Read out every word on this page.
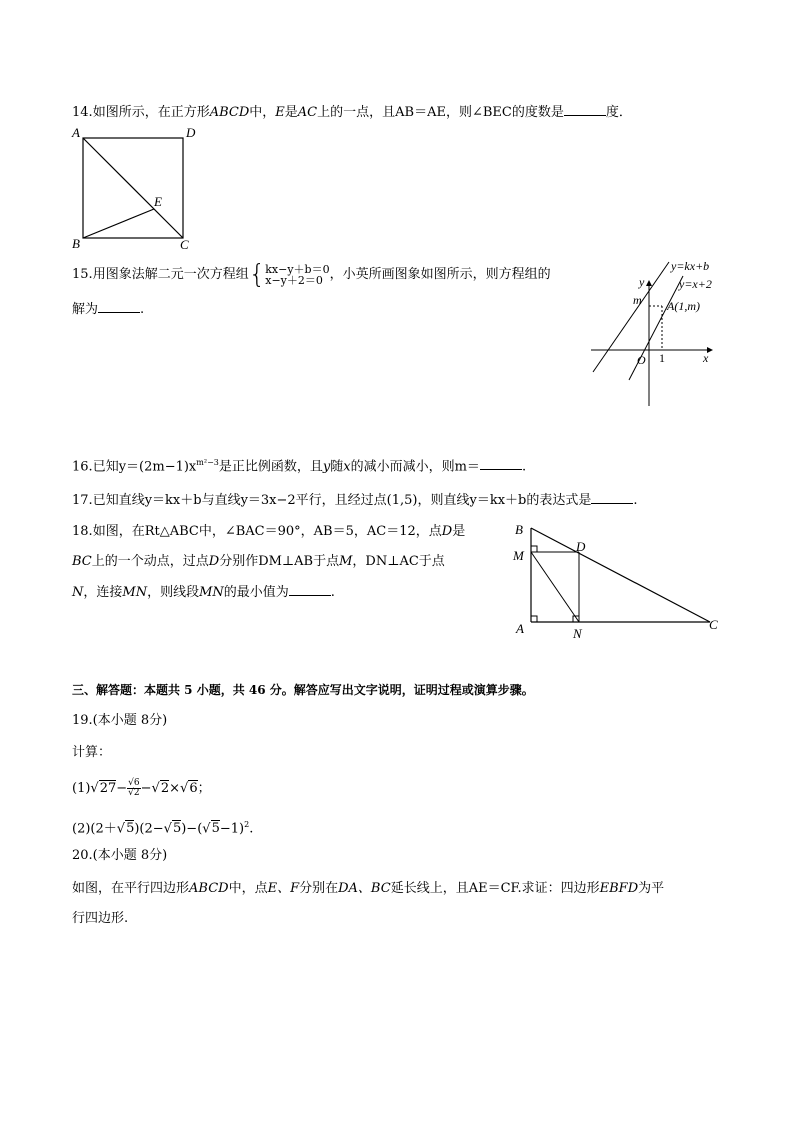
14.如图所示，在正方形ABCD中，E是AC上的一点，且AB＝AE，则∠BEC的度数是	度．
A	D
B	C
E
15.用图象法解二元一次方程组{ kx−y＋b＝0
x−y＋2＝0 ，小英所画图象如图所示，则方程组的
解为	.
y=kx+b
y=x+2
y
x
m A(1,m)
O 1
16.已知$y=(2m-1)x^{m^2-3}$是正比例函数，且y随x的减小而减小，则m＝	.
17.已知直线y＝kx＋b与直线y＝3x−2平行，且经过点(1,5)，则直线y＝kx＋b的表达式是	.
18.如图，在Rt△ABC中，∠BAC＝90°，AB＝5，AC＝12，点D是
BC上的一个动点，过点D分别作DM⊥AB于点M，DN⊥AC于点
N，连接MN，则线段MN的最小值为	.
B
M
D
A	N
C
三、解答题：本题共 5 小题，共 46 分。解答应写出文字说明，证明过程或演算步骤。
19.(本小题 8分)
计算：
$(1)√27- \frac{√6}{√2} -√2\times√6$；
$(2)(2+√5)(2-√5)-(√5-1)^2$.
20.(本小题 8分)
如图，在平行四边形ABCD中，点E、F分别在DA、BC延长线上，且AE＝CF.求证：四边形EBFD为平
行四边形.
